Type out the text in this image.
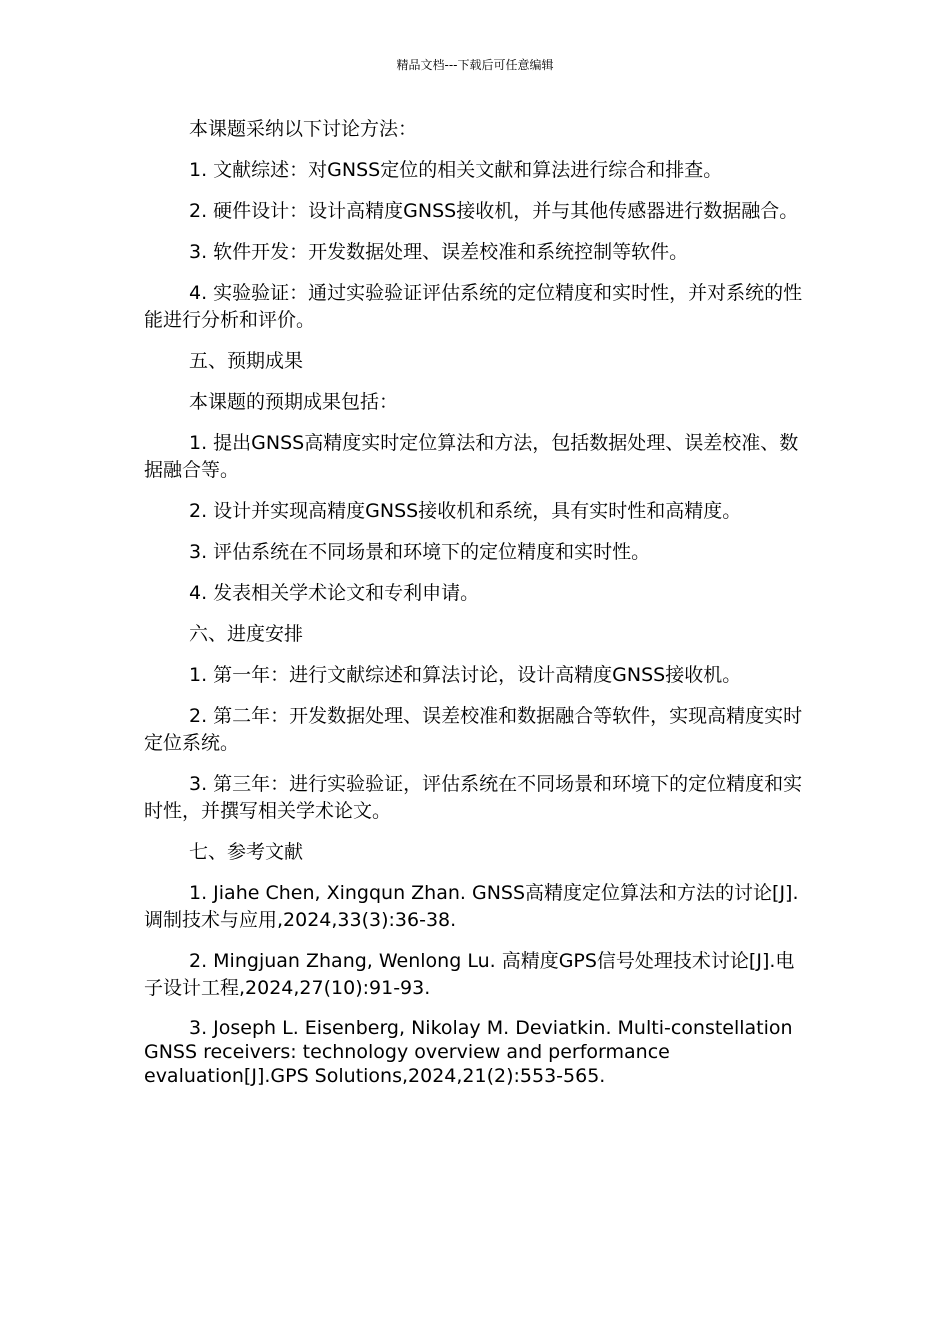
精品文档---下载后可任意编辑

本课题采纳以下讨论方法：

1. 文献综述：对GNSS定位的相关文献和算法进行综合和排查。

2. 硬件设计：设计高精度GNSS接收机，并与其他传感器进行数据融合。

3. 软件开发：开发数据处理、误差校准和系统控制等软件。

4. 实验验证：通过实验验证评估系统的定位精度和实时性，并对系统的性能进行分析和评价。

五、预期成果

本课题的预期成果包括：

1. 提出GNSS高精度实时定位算法和方法，包括数据处理、误差校准、数据融合等。

2. 设计并实现高精度GNSS接收机和系统，具有实时性和高精度。

3. 评估系统在不同场景和环境下的定位精度和实时性。

4. 发表相关学术论文和专利申请。

六、进度安排

1. 第一年：进行文献综述和算法讨论，设计高精度GNSS接收机。

2. 第二年：开发数据处理、误差校准和数据融合等软件，实现高精度实时定位系统。

3. 第三年：进行实验验证，评估系统在不同场景和环境下的定位精度和实时性，并撰写相关学术论文。

七、参考文献

1. Jiahe Chen, Xingqun Zhan. GNSS高精度定位算法和方法的讨论[J].调制技术与应用,2024,33(3):36-38.

2. Mingjuan Zhang, Wenlong Lu. 高精度GPS信号处理技术讨论[J].电子设计工程,2024,27(10):91-93.

3. Joseph L. Eisenberg, Nikolay M. Deviatkin. Multi-constellation GNSS receivers: technology overview and performance evaluation[J].GPS Solutions,2024,21(2):553-565.
